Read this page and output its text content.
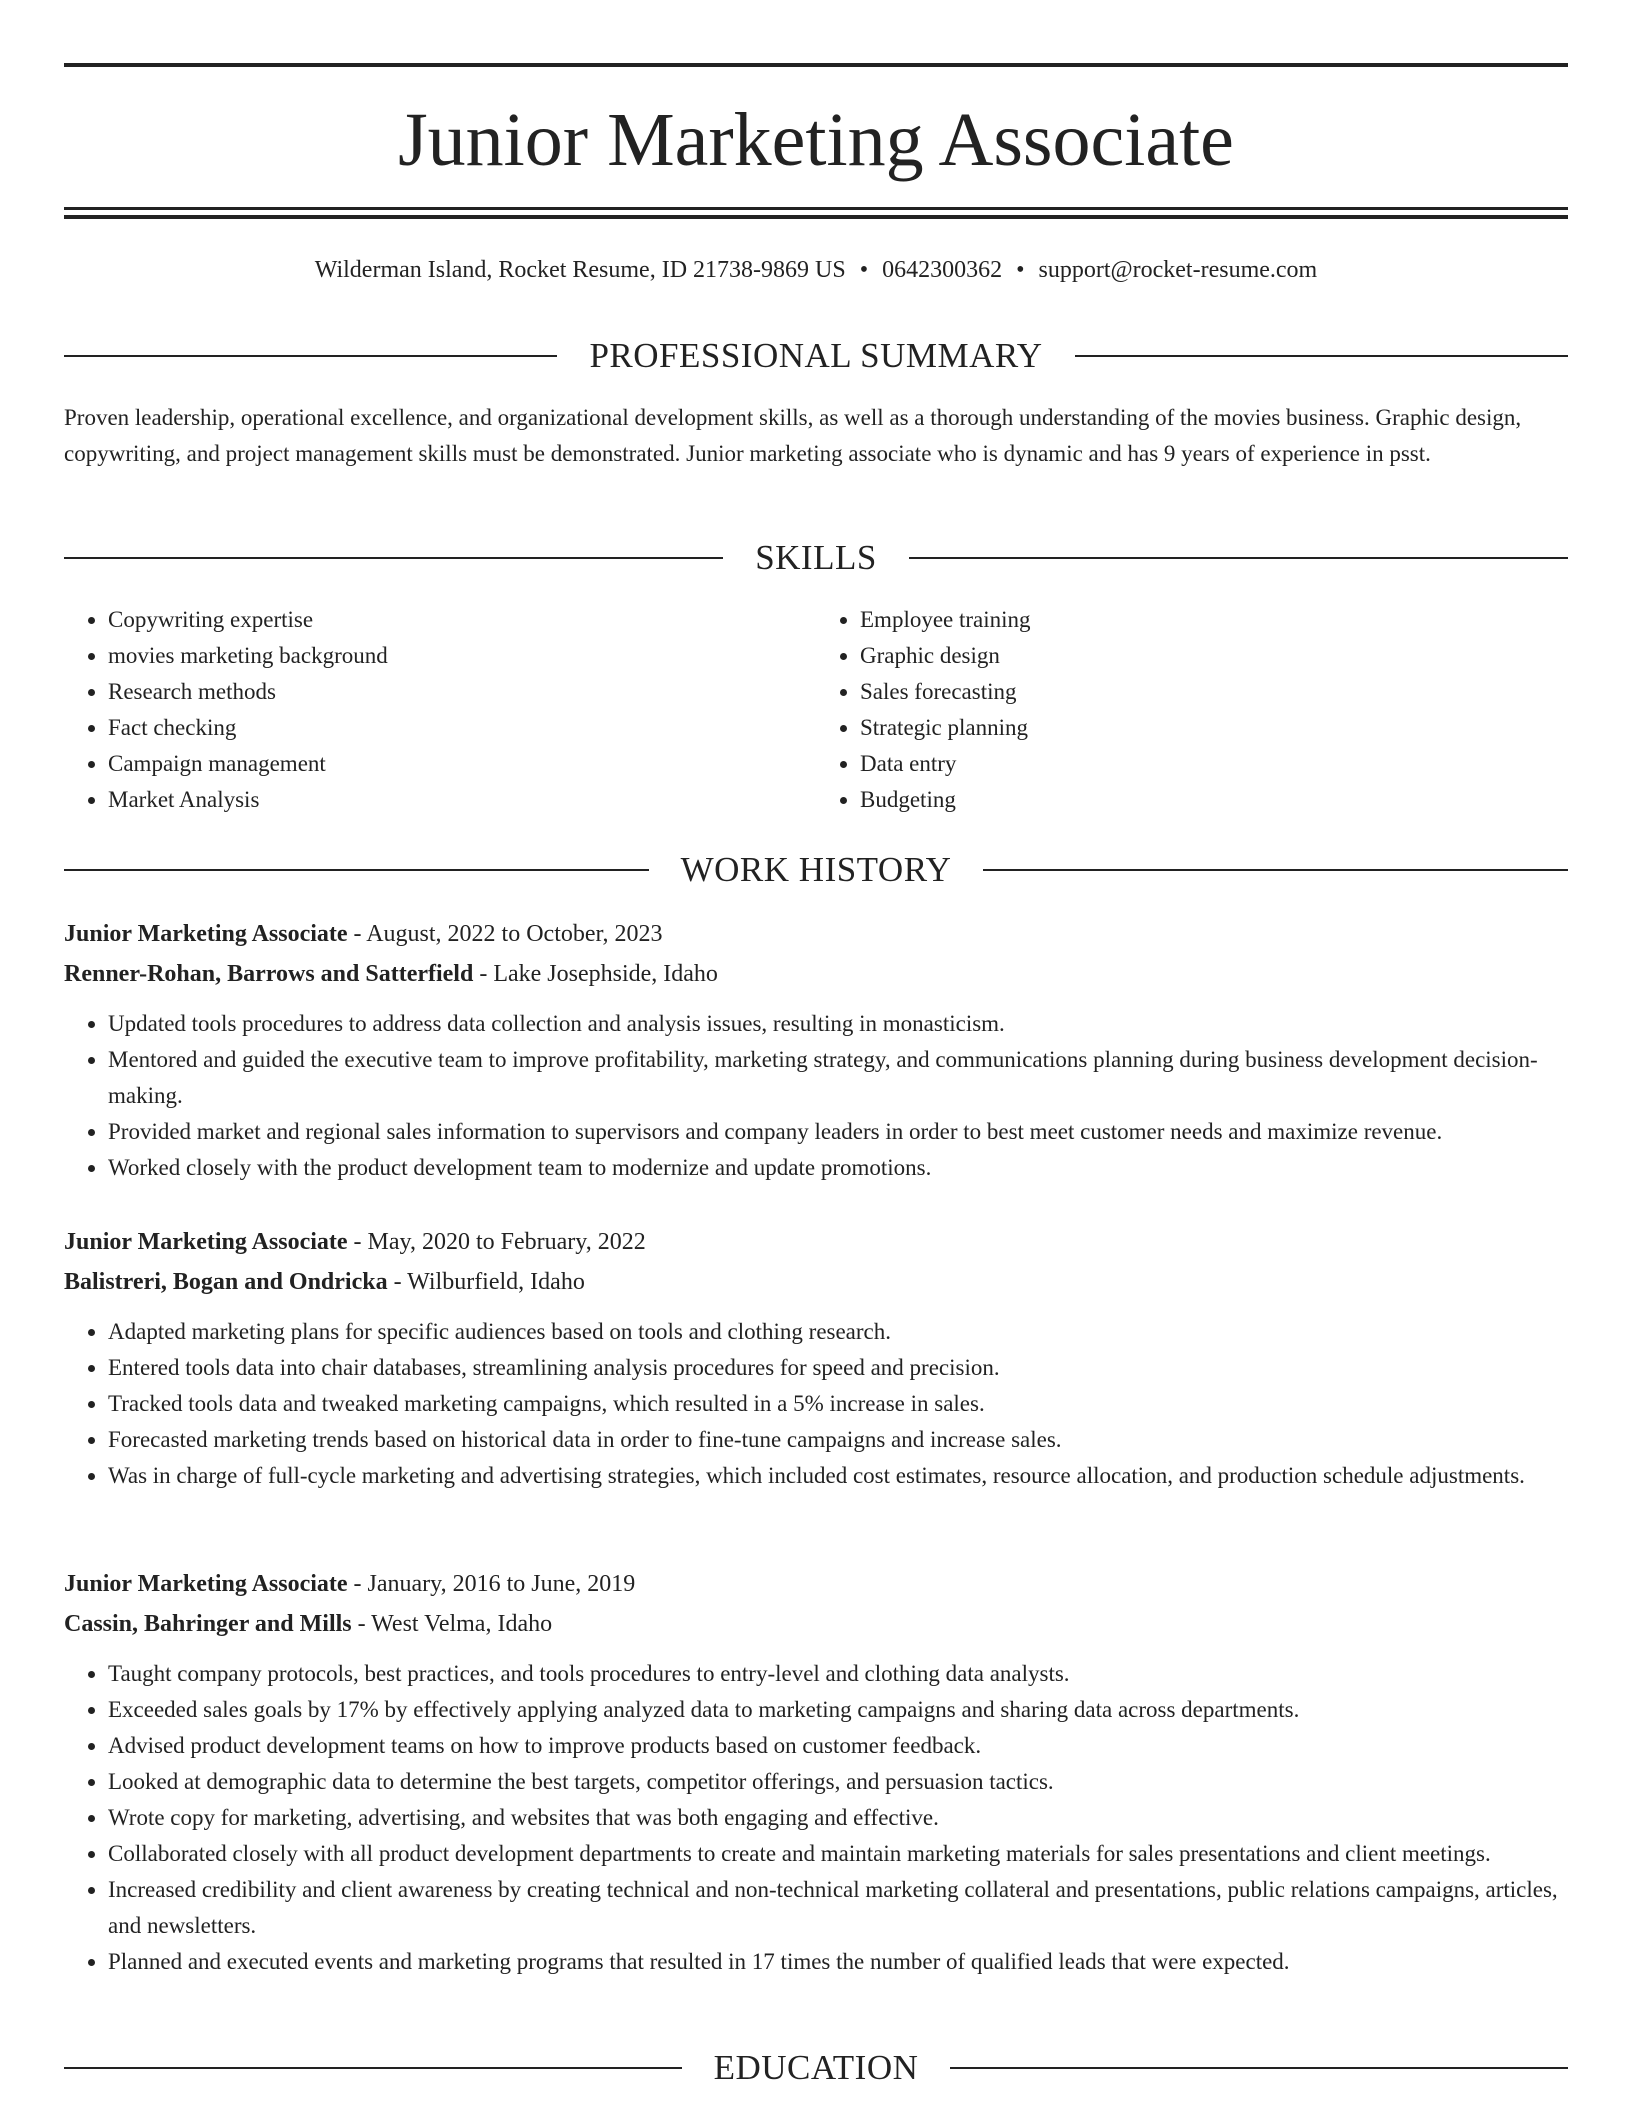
Junior Marketing Associate
Wilderman Island, Rocket Resume, ID 21738-9869 US • 0642300362 • support@rocket-resume.com
PROFESSIONAL SUMMARY
Proven leadership, operational excellence, and organizational development skills, as well as a thorough understanding of the movies business. Graphic design, copywriting, and project management skills must be demonstrated. Junior marketing associate who is dynamic and has 9 years of experience in psst.
SKILLS
• Copywriting expertise
• movies marketing background
• Research methods
• Fact checking
• Campaign management
• Market Analysis
• Employee training
• Graphic design
• Sales forecasting
• Strategic planning
• Data entry
• Budgeting
WORK HISTORY
Junior Marketing Associate - August, 2022 to October, 2023
Renner-Rohan, Barrows and Satterfield - Lake Josephside, Idaho
• Updated tools procedures to address data collection and analysis issues, resulting in monasticism.
• Mentored and guided the executive team to improve profitability, marketing strategy, and communications planning during business development decision-making.
• Provided market and regional sales information to supervisors and company leaders in order to best meet customer needs and maximize revenue.
• Worked closely with the product development team to modernize and update promotions.
Junior Marketing Associate - May, 2020 to February, 2022
Balistreri, Bogan and Ondricka - Wilburfield, Idaho
• Adapted marketing plans for specific audiences based on tools and clothing research.
• Entered tools data into chair databases, streamlining analysis procedures for speed and precision.
• Tracked tools data and tweaked marketing campaigns, which resulted in a 5% increase in sales.
• Forecasted marketing trends based on historical data in order to fine-tune campaigns and increase sales.
• Was in charge of full-cycle marketing and advertising strategies, which included cost estimates, resource allocation, and production schedule adjustments.
Junior Marketing Associate - January, 2016 to June, 2019
Cassin, Bahringer and Mills - West Velma, Idaho
• Taught company protocols, best practices, and tools procedures to entry-level and clothing data analysts.
• Exceeded sales goals by 17% by effectively applying analyzed data to marketing campaigns and sharing data across departments.
• Advised product development teams on how to improve products based on customer feedback.
• Looked at demographic data to determine the best targets, competitor offerings, and persuasion tactics.
• Wrote copy for marketing, advertising, and websites that was both engaging and effective.
• Collaborated closely with all product development departments to create and maintain marketing materials for sales presentations and client meetings.
• Increased credibility and client awareness by creating technical and non-technical marketing collateral and presentations, public relations campaigns, articles, and newsletters.
• Planned and executed events and marketing programs that resulted in 17 times the number of qualified leads that were expected.
EDUCATION
